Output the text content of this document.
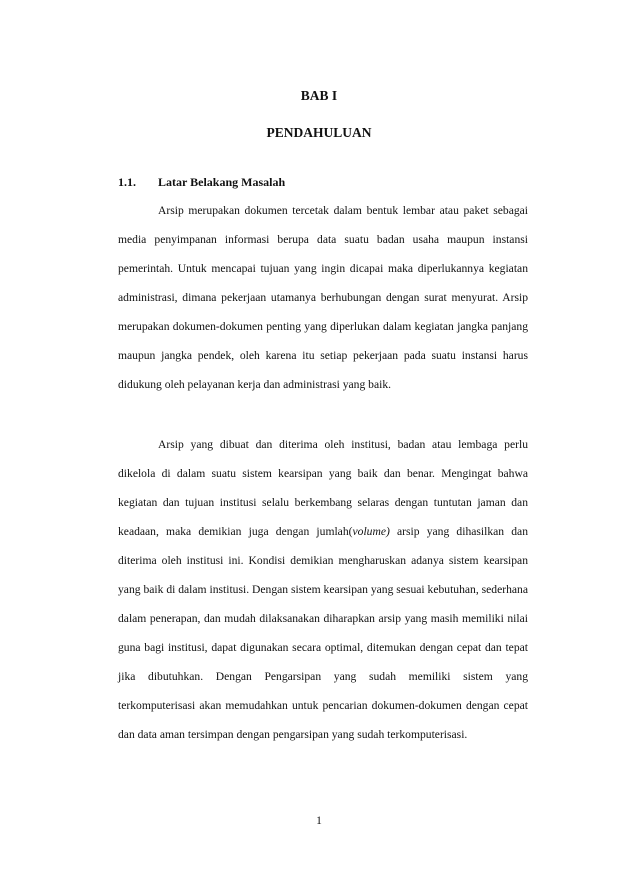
BAB I
PENDAHULUAN
1.1. Latar Belakang Masalah

Arsip merupakan dokumen tercetak dalam bentuk lembar atau paket sebagai media penyimpanan informasi berupa data suatu badan usaha maupun instansi pemerintah. Untuk mencapai tujuan yang ingin dicapai maka diperlukannya kegiatan administrasi, dimana pekerjaan utamanya berhubungan dengan surat menyurat. Arsip merupakan dokumen-dokumen penting yang diperlukan dalam kegiatan jangka panjang maupun jangka pendek, oleh karena itu setiap pekerjaan pada suatu instansi harus didukung oleh pelayanan kerja dan administrasi yang baik.

Arsip yang dibuat dan diterima oleh institusi, badan atau lembaga perlu dikelola di dalam suatu sistem kearsipan yang baik dan benar. Mengingat bahwa kegiatan dan tujuan institusi selalu berkembang selaras dengan tuntutan jaman dan keadaan, maka demikian juga dengan jumlah(volume) arsip yang dihasilkan dan diterima oleh institusi ini. Kondisi demikian mengharuskan adanya sistem kearsipan yang baik di dalam institusi. Dengan sistem kearsipan yang sesuai kebutuhan, sederhana dalam penerapan, dan mudah dilaksanakan diharapkan arsip yang masih memiliki nilai guna bagi institusi, dapat digunakan secara optimal, ditemukan dengan cepat dan tepat jika dibutuhkan. Dengan Pengarsipan yang sudah memiliki sistem yang terkomputerisasi akan memudahkan untuk pencarian dokumen-dokumen dengan cepat dan data aman tersimpan dengan pengarsipan yang sudah terkomputerisasi.

1
